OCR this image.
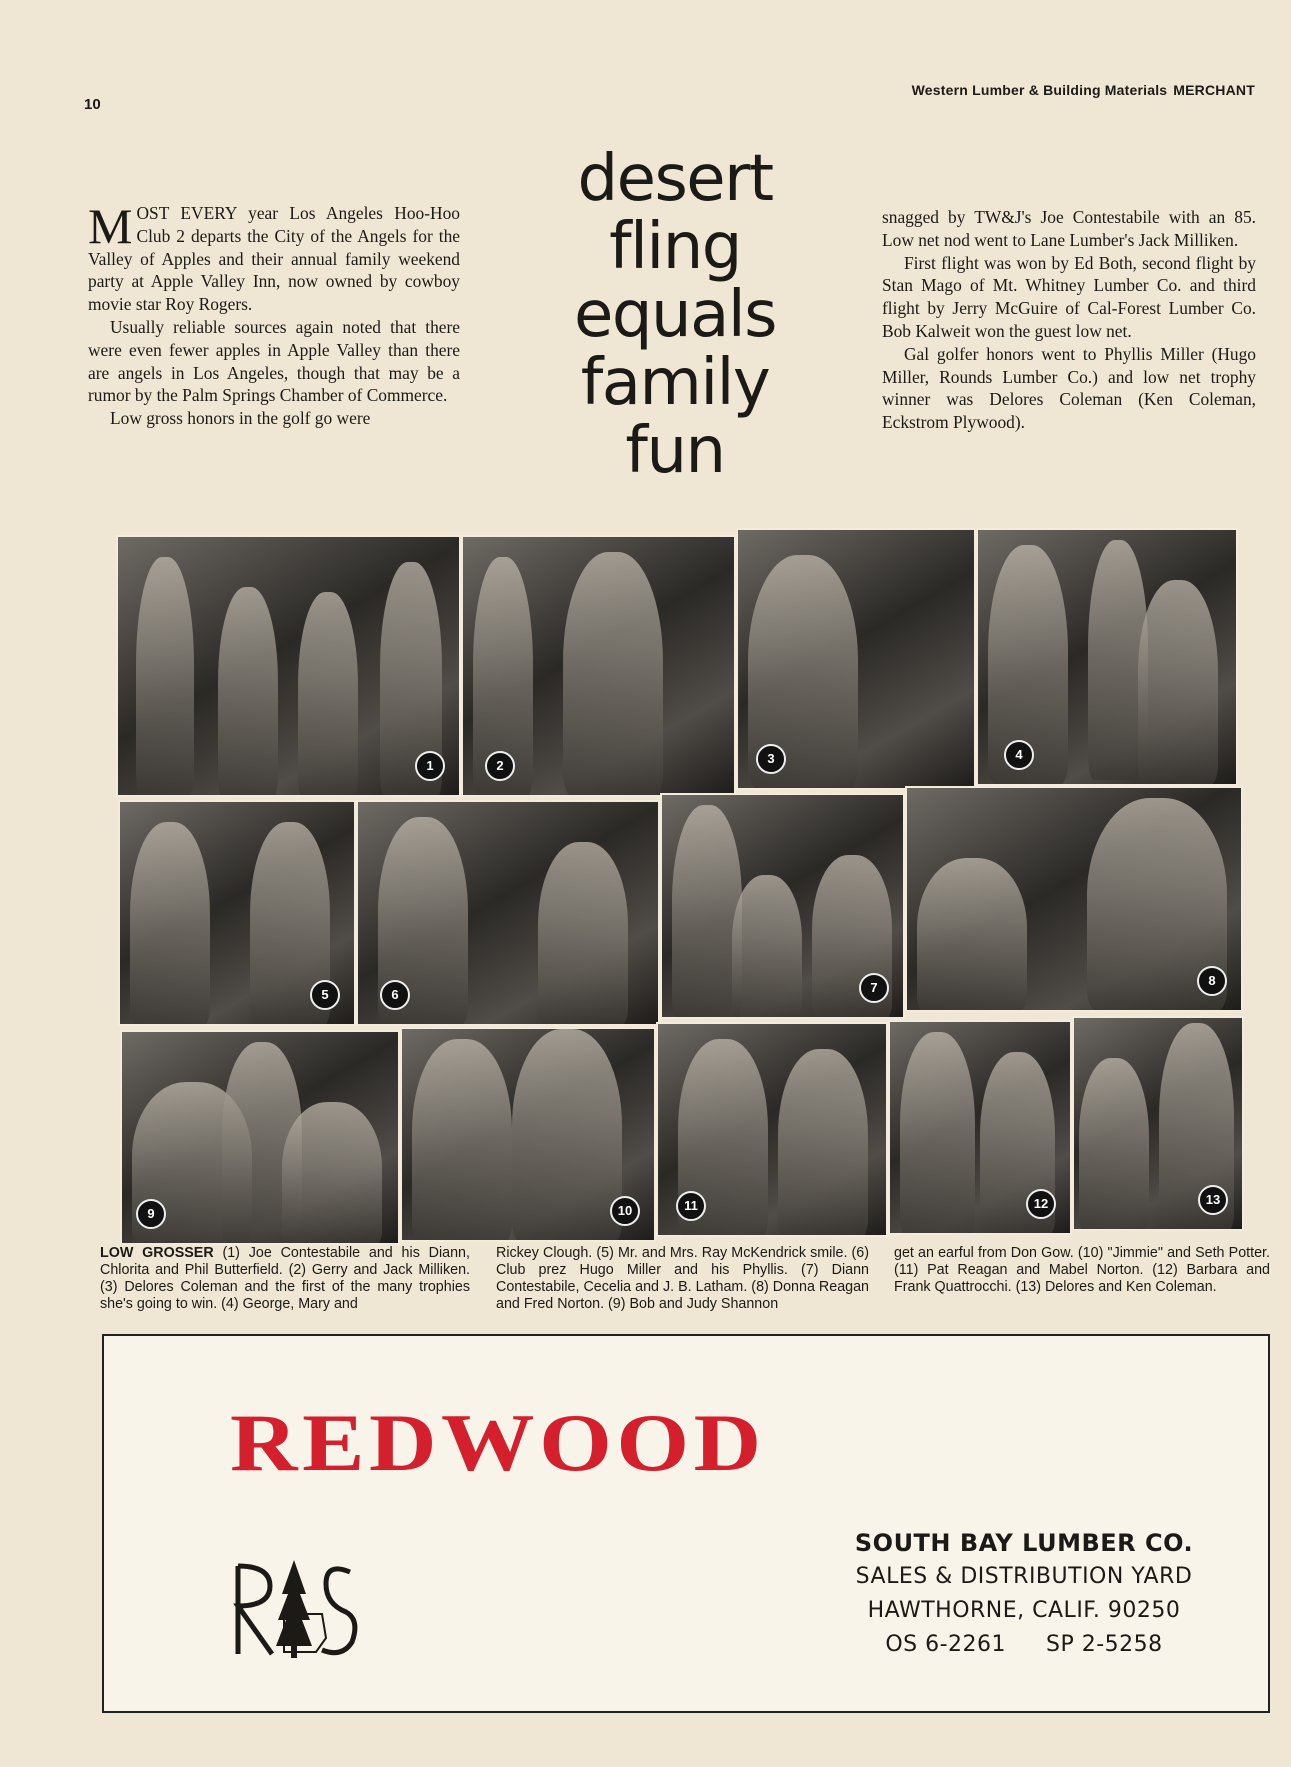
10
Western Lumber & Building Materials MERCHANT

MOST EVERY year Los Angeles Hoo-Hoo Club 2 departs the City of the Angels for the Valley of Apples and their annual family weekend party at Apple Valley Inn, now owned by cowboy movie star Roy Rogers.

Usually reliable sources again noted that there were even fewer apples in Apple Valley than there are angels in Los Angeles, though that may be a rumor by the Palm Springs Chamber of Commerce.

Low gross honors in the golf go were

desert
fling
equals
family
fun

snagged by TW&J's Joe Contestabile with an 85. Low net nod went to Lane Lumber's Jack Milliken.

First flight was won by Ed Both, second flight by Stan Mago of Mt. Whitney Lumber Co. and third flight by Jerry McGuire of Cal-Forest Lumber Co. Bob Kalweit won the guest low net.

Gal golfer honors went to Phyllis Miller (Hugo Miller, Rounds Lumber Co.) and low net trophy winner was Delores Coleman (Ken Coleman, Eckstrom Plywood).

1	2	3	4
5	6	7	8
9	10	11	12	13
LOW GROSSER (1) Joe Contestabile and his Diann, Chlorita and Phil Butterfield. (2) Gerry and Jack Milliken. (3) Delores Coleman and the first of the many trophies she's going to win. (4) George, Mary and
Rickey Clough. (5) Mr. and Mrs. Ray McKendrick smile. (6) Club prez Hugo Miller and his Phyllis. (7) Diann Contestabile, Cecelia and J. B. Latham. (8) Donna Reagan and Fred Norton. (9) Bob and Judy Shannon
get an earful from Don Gow. (10) "Jimmie" and Seth Potter. (11) Pat Reagan and Mabel Norton. (12) Barbara and Frank Quattrocchi. (13) Delores and Ken Coleman.
REDWOOD
SOUTH BAY LUMBER CO.
SALES & DISTRIBUTION YARD
HAWTHORNE, CALIF. 90250
OS 6-2261 SP 2-5258
